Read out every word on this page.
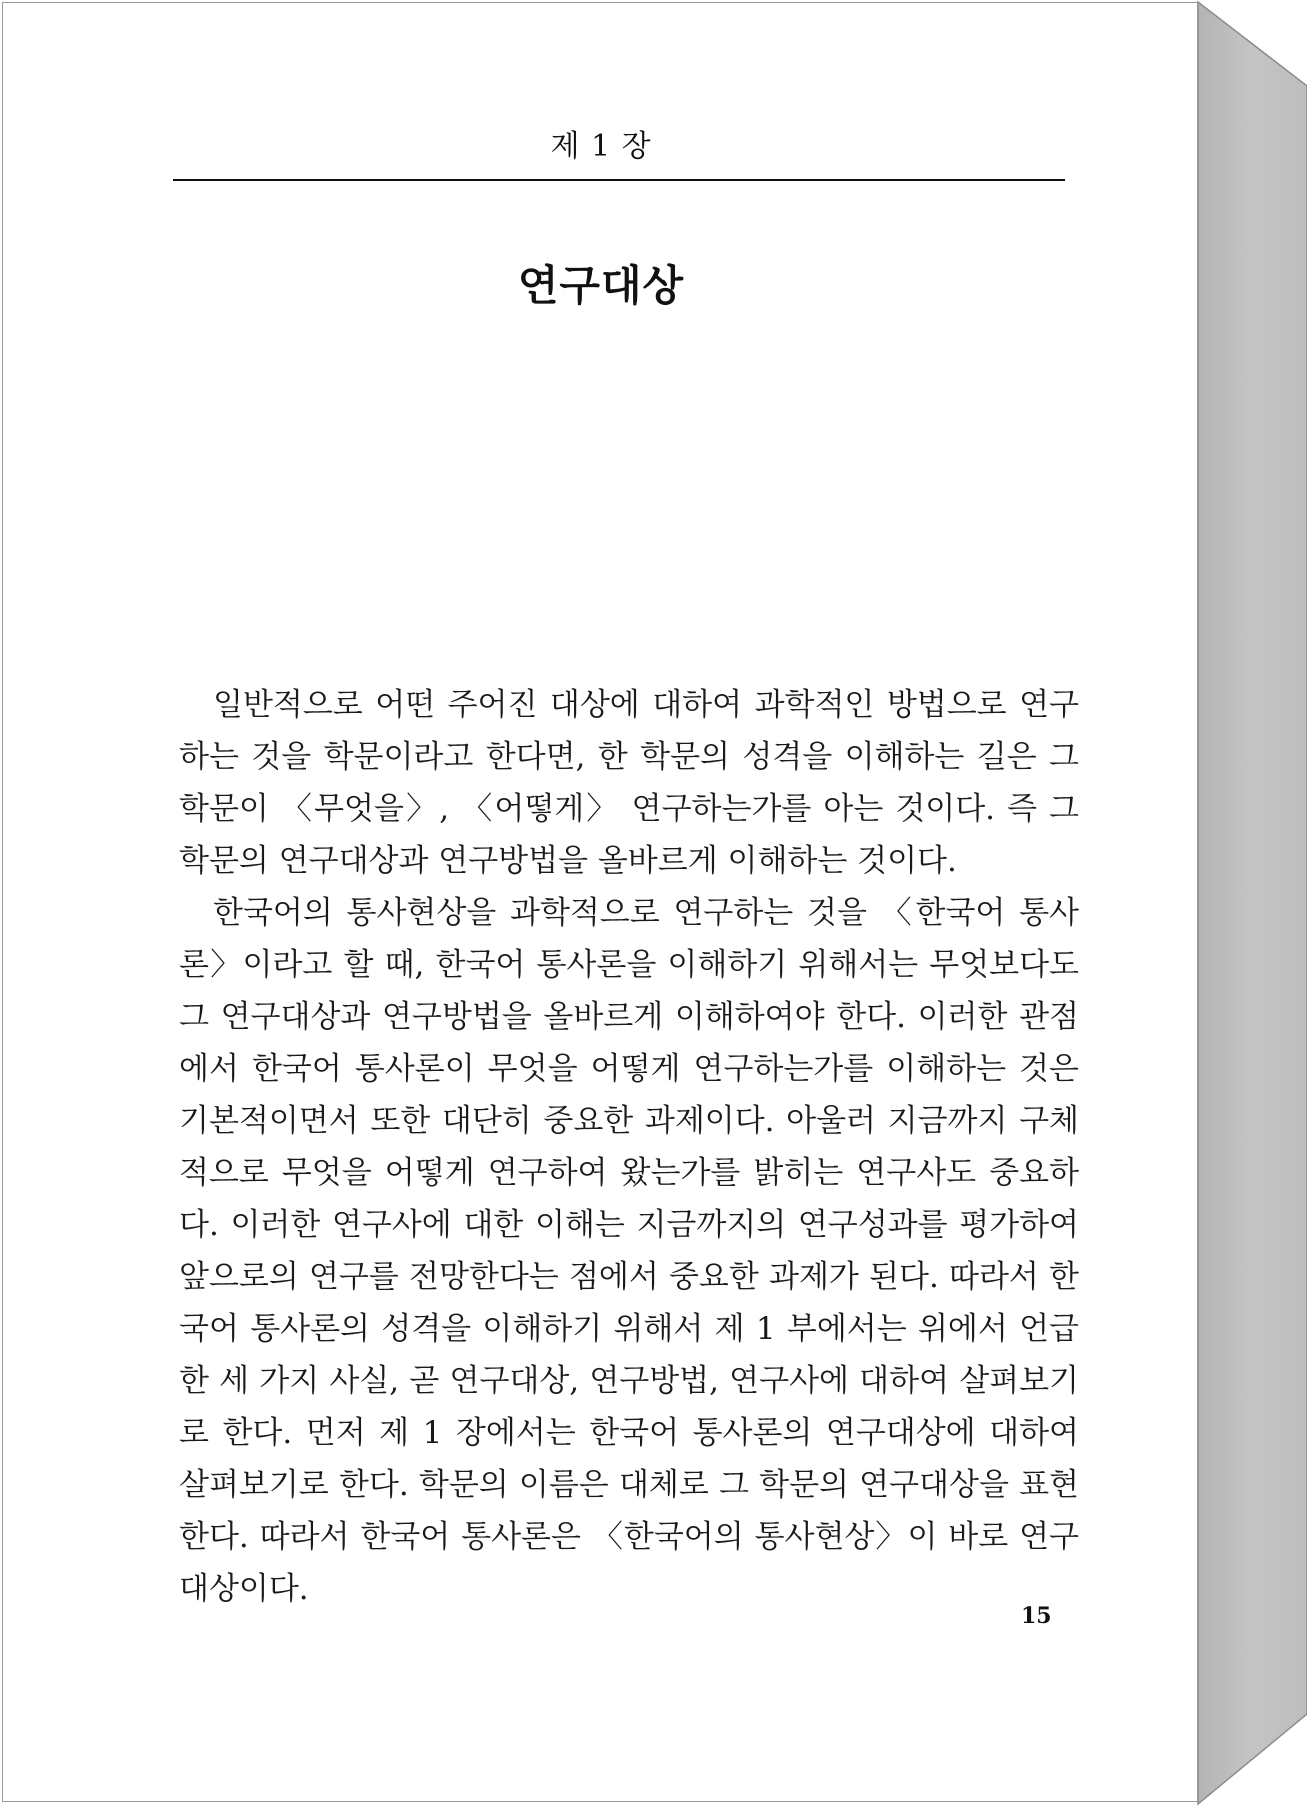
제 1 장
연구대상

일반적으로 어떤 주어진 대상에 대하여 과학적인 방법으로 연구하는 것을 학문이라고 한다면, 한 학문의 성격을 이해하는 길은 그 학문이 〈무엇을〉, 〈어떻게〉 연구하는가를 아는 것이다. 즉 그 학문의 연구대상과 연구방법을 올바르게 이해하는 것이다.

한국어의 통사현상을 과학적으로 연구하는 것을 〈한국어 통사론〉이라고 할 때, 한국어 통사론을 이해하기 위해서는 무엇보다도 그 연구대상과 연구방법을 올바르게 이해하여야 한다. 이러한 관점에서 한국어 통사론이 무엇을 어떻게 연구하는가를 이해하는 것은 기본적이면서 또한 대단히 중요한 과제이다. 아울러 지금까지 구체적으로 무엇을 어떻게 연구하여 왔는가를 밝히는 연구사도 중요하다. 이러한 연구사에 대한 이해는 지금까지의 연구성과를 평가하여 앞으로의 연구를 전망한다는 점에서 중요한 과제가 된다. 따라서 한국어 통사론의 성격을 이해하기 위해서 제 1 부에서는 위에서 언급한 세 가지 사실, 곧 연구대상, 연구방법, 연구사에 대하여 살펴보기로 한다. 먼저 제 1 장에서는 한국어 통사론의 연구대상에 대하여 살펴보기로 한다. 학문의 이름은 대체로 그 학문의 연구대상을 표현한다. 따라서 한국어 통사론은 〈한국어의 통사현상〉이 바로 연구대상이다.

15
